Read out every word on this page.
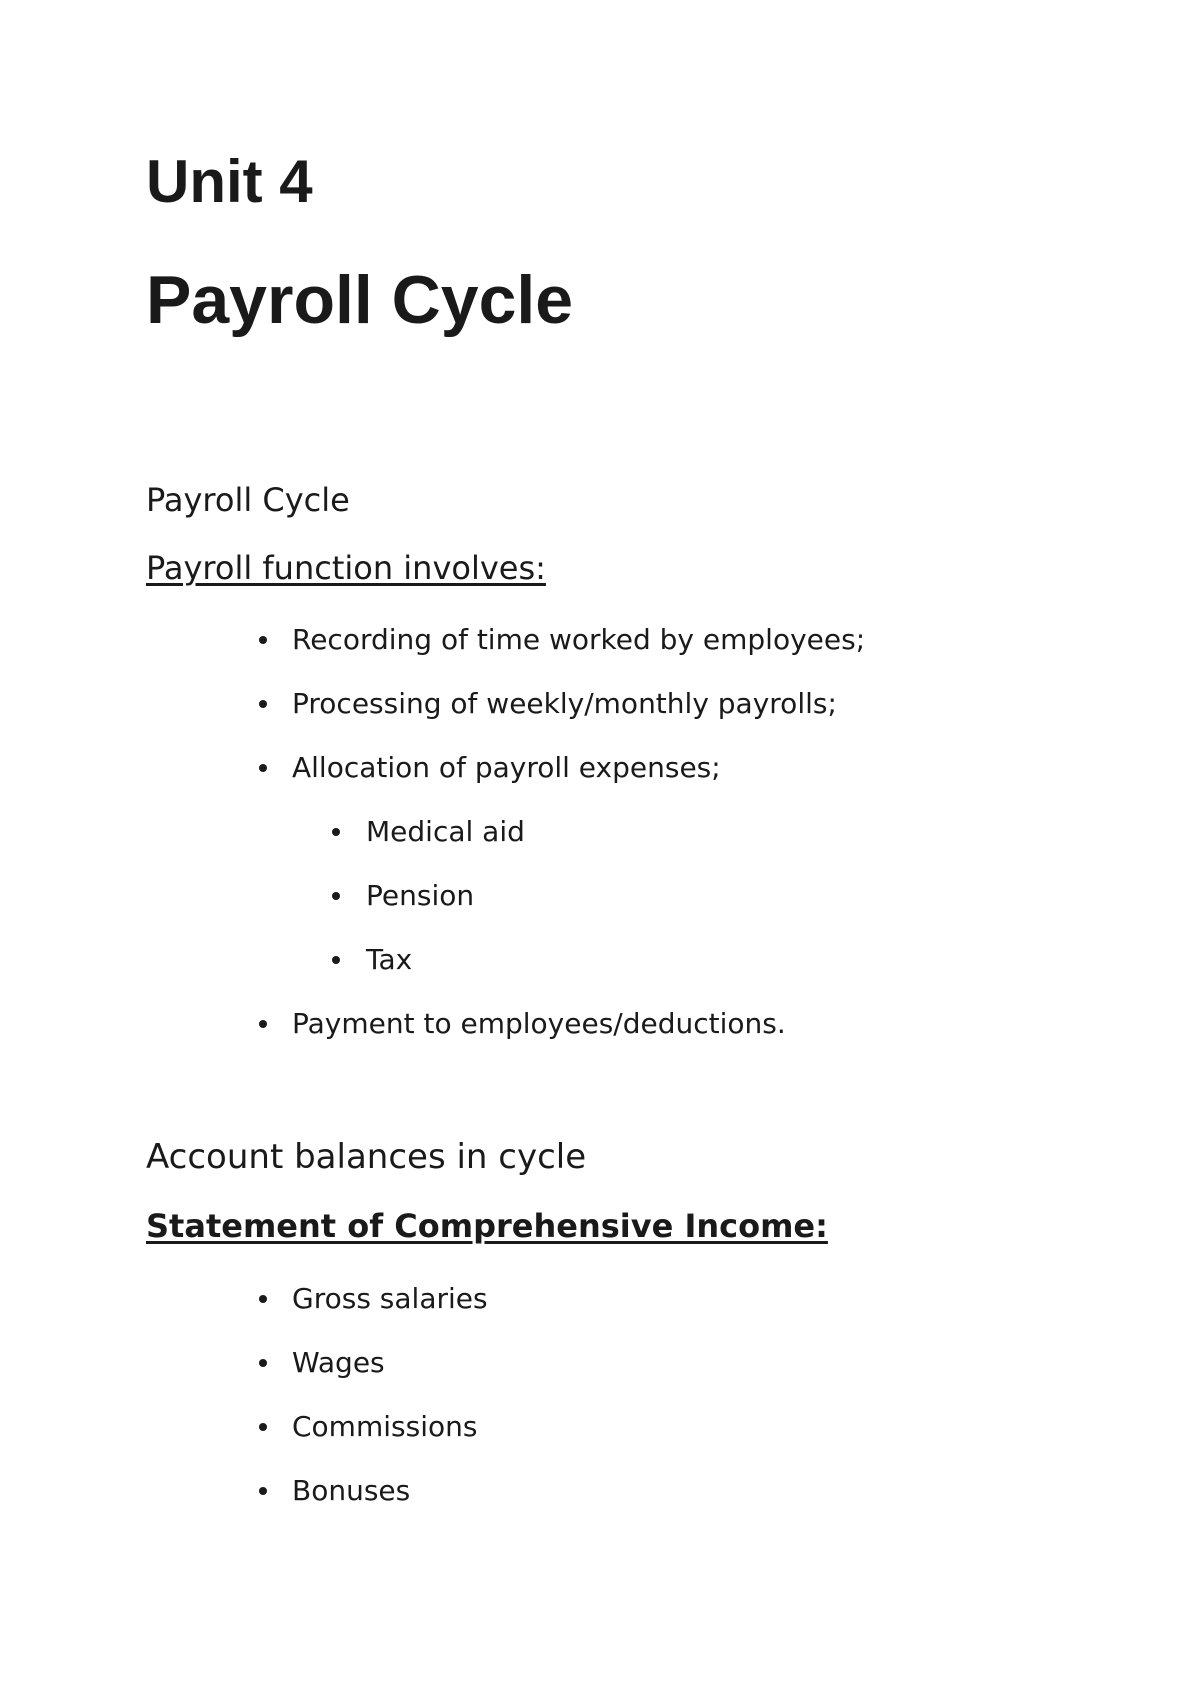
Unit 4
Payroll Cycle

Payroll Cycle

Payroll function involves:

Recording of time worked by employees;
Processing of weekly/monthly payrolls;
Allocation of payroll expenses;
Medical aid
Pension
Tax
Payment to employees/deductions.

Account balances in cycle

Statement of Comprehensive Income:

Gross salaries
Wages
Commissions
Bonuses
